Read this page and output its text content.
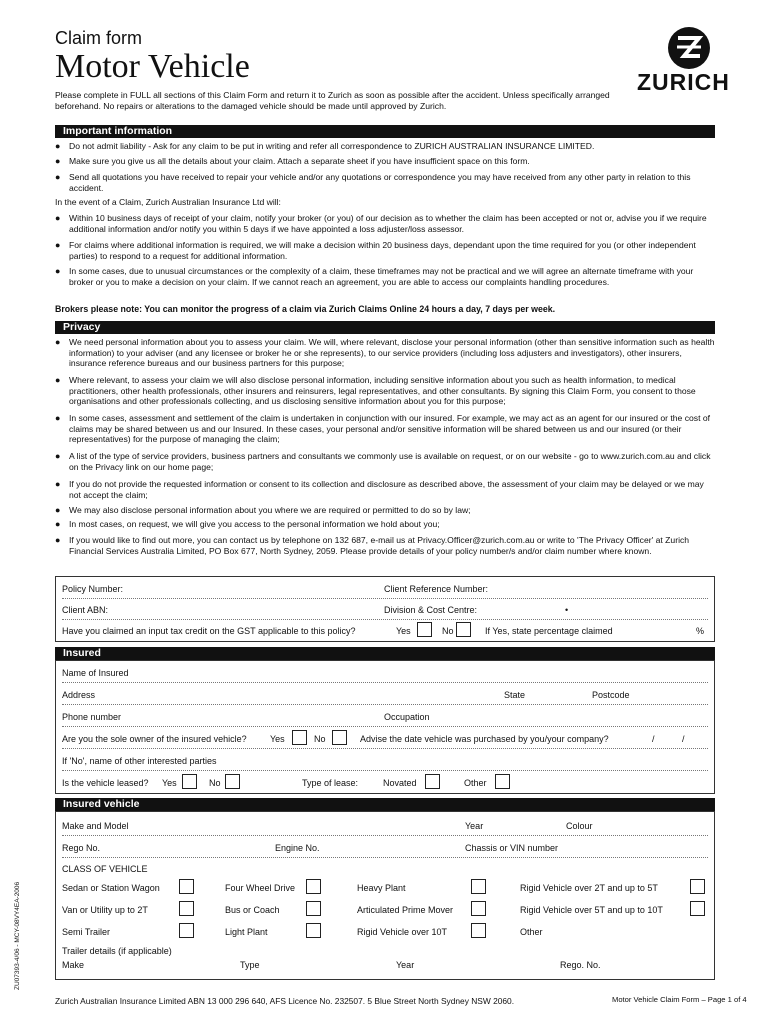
Claim form
Motor Vehicle
Please complete in FULL all sections of this Claim Form and return it to Zurich as soon as possible after the accident. Unless specifically arranged beforehand. No repairs or alterations to the damaged vehicle should be made until approved by Zurich.
ZURICH
Important information
● Do not admit liability - Ask for any claim to be put in writing and refer all correspondence to ZURICH AUSTRALIAN INSURANCE LIMITED.
● Make sure you give us all the details about your claim. Attach a separate sheet if you have insufficient space on this form.
● Send all quotations you have received to repair your vehicle and/or any quotations or correspondence you may have received from any other party in relation to this accident.
In the event of a Claim, Zurich Australian Insurance Ltd will:
● Within 10 business days of receipt of your claim, notify your broker (or you) of our decision as to whether the claim has been accepted or not or, advise you if we require additional information and/or notify you within 5 days if we have appointed a loss adjuster/loss assessor.
● For claims where additional information is required, we will make a decision within 20 business days, dependant upon the time required for you (or other independent parties) to respond to a request for additional information.
● In some cases, due to unusual circumstances or the complexity of a claim, these timeframes may not be practical and we will agree an alternate timeframe with your broker or you to make a decision on your claim. If we cannot reach an agreement, you are able to access our complaints handling procedures.
Brokers please note: You can monitor the progress of a claim via Zurich Claims Online 24 hours a day, 7 days per week.
Privacy
● We need personal information about you to assess your claim. We will, where relevant, disclose your personal information (other than sensitive information such as health information) to your adviser (and any licensee or broker he or she represents), to our service providers (including loss adjusters and investigators), other insurers, insurance reference bureaus and our business partners for this purpose;
● Where relevant, to assess your claim we will also disclose personal information, including sensitive information about you such as health information, to medical practitioners, other health professionals, other insurers and reinsurers, legal representatives, and other consultants. By signing this Claim Form, you consent to those organisations and other professionals collecting, and us disclosing sensitive information about you for this purpose;
● In some cases, assessment and settlement of the claim is undertaken in conjunction with our insured. For example, we may act as an agent for our insured or the cost of claims may be shared between us and our Insured. In these cases, your personal and/or sensitive information will be shared between us and our insured (or their representatives) for the purpose of managing the claim;
● A list of the type of service providers, business partners and consultants we commonly use is available on request, or on our website - go to www.zurich.com.au and click on the Privacy link on our home page;
● If you do not provide the requested information or consent to its collection and disclosure as described above, the assessment of your claim may be delayed or we may not accept the claim;
● We may also disclose personal information about you where we are required or permitted to do so by law;
● In most cases, on request, we will give you access to the personal information we hold about you;
● If you would like to find out more, you can contact us by telephone on 132 687, e-mail us at Privacy.Officer@zurich.com.au or write to 'The Privacy Officer' at Zurich Financial Services Australia Limited, PO Box 677, North Sydney, 2059. Please provide details of your policy number/s and/or claim number where known.
Policy Number:	Client Reference Number:
Client ABN:	Division & Cost Centre:	•
Have you claimed an input tax credit on the GST applicable to this policy?	Yes	No	If Yes, state percentage claimed	%
Insured
Name of Insured
Address	State	Postcode
Phone number	Occupation
Are you the sole owner of the insured vehicle?	Yes	No	Advise the date vehicle was purchased by you/your company?	/	/
If 'No', name of other interested parties
Is the vehicle leased? Yes	No	Type of lease:	Novated	Other
Insured vehicle
Make and Model	Year	Colour
Rego No.	Engine No.	Chassis or VIN number
CLASS OF VEHICLE
Sedan or Station Wagon	Four Wheel Drive	Heavy Plant	Rigid Vehicle over 2T and up to 5T
Van or Utility up to 2T	Bus or Coach	Articulated Prime Mover	Rigid Vehicle over 5T and up to 10T
Semi Trailer	Light Plant	Rigid Vehicle over 10T	Other
Trailer details (if applicable)
Make	Type	Year	Rego. No.
Zurich Australian Insurance Limited ABN 13 000 296 640, AFS Licence No. 232507. 5 Blue Street North Sydney NSW 2060.	Motor Vehicle Claim Form – Page 1 of 4
ZU07393-4/06 - MCY-08VY4EA-2006
